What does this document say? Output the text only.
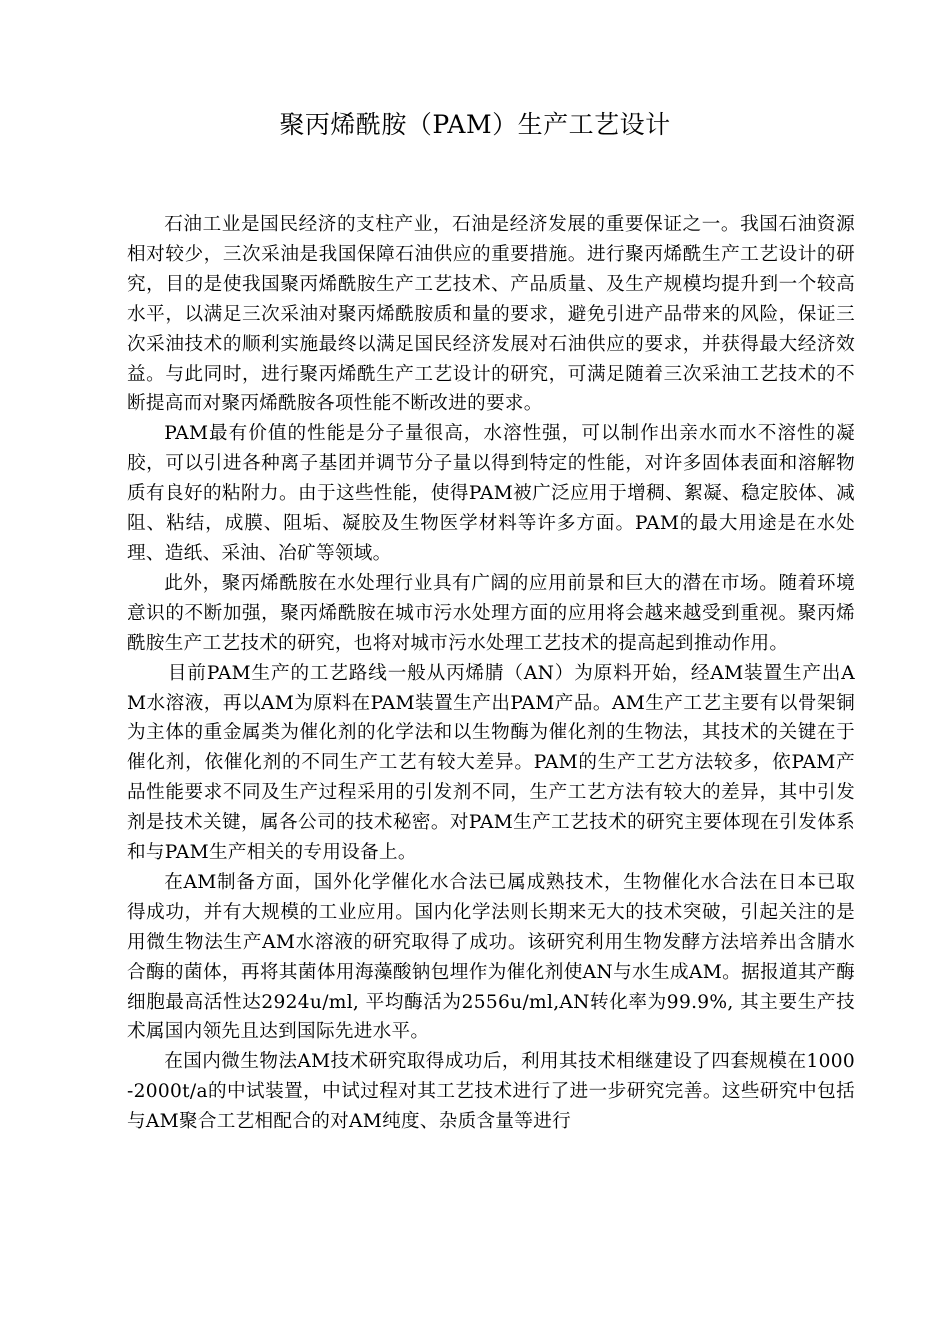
聚丙烯酰胺（PAM）生产工艺设计

石油工业是国民经济的支柱产业，石油是经济发展的重要保证之一。我国石油资源相对较少，三次采油是我国保障石油供应的重要措施。进行聚丙烯酰生产工艺设计的研究，目的是使我国聚丙烯酰胺生产工艺技术、产品质量、及生产规模均提升到一个较高水平，以满足三次采油对聚丙烯酰胺质和量的要求，避免引进产品带来的风险，保证三次采油技术的顺利实施最终以满足国民经济发展对石油供应的要求，并获得最大经济效益。与此同时，进行聚丙烯酰生产工艺设计的研究，可满足随着三次采油工艺技术的不断提高而对聚丙烯酰胺各项性能不断改进的要求。

PAM最有价值的性能是分子量很高，水溶性强，可以制作出亲水而水不溶性的凝胶，可以引进各种离子基团并调节分子量以得到特定的性能，对许多固体表面和溶解物质有良好的粘附力。由于这些性能，使得PAM被广泛应用于增稠、絮凝、稳定胶体、减阻、粘结，成膜、阻垢、凝胶及生物医学材料等许多方面。PAM的最大用途是在水处理、造纸、采油、冶矿等领域。

此外，聚丙烯酰胺在水处理行业具有广阔的应用前景和巨大的潜在市场。随着环境意识的不断加强，聚丙烯酰胺在城市污水处理方面的应用将会越来越受到重视。聚丙烯酰胺生产工艺技术的研究，也将对城市污水处理工艺技术的提高起到推动作用。

目前PAM生产的工艺路线一般从丙烯腈（AN）为原料开始，经AM装置生产出AM水溶液，再以AM为原料在PAM装置生产出PAM产品。AM生产工艺主要有以骨架铜为主体的重金属类为催化剂的化学法和以生物酶为催化剂的生物法，其技术的关键在于催化剂，依催化剂的不同生产工艺有较大差异。PAM的生产工艺方法较多，依PAM产品性能要求不同及生产过程采用的引发剂不同，生产工艺方法有较大的差异，其中引发剂是技术关键，属各公司的技术秘密。对PAM生产工艺技术的研究主要体现在引发体系和与PAM生产相关的专用设备上。

在AM制备方面，国外化学催化水合法已属成熟技术，生物催化水合法在日本已取得成功，并有大规模的工业应用。国内化学法则长期来无大的技术突破，引起关注的是用微生物法生产AM水溶液的研究取得了成功。该研究利用生物发酵方法培养出含腈水合酶的菌体，再将其菌体用海藻酸钠包埋作为催化剂使AN与水生成AM。据报道其产酶细胞最高活性达2924u/ml, 平均酶活为2556u/ml,AN转化率为99.9%, 其主要生产技术属国内领先且达到国际先进水平。

在国内微生物法AM技术研究取得成功后，利用其技术相继建设了四套规模在1000-2000t/a的中试装置，中试过程对其工艺技术进行了进一步研究完善。这些研究中包括与AM聚合工艺相配合的对AM纯度、杂质含量等进行
